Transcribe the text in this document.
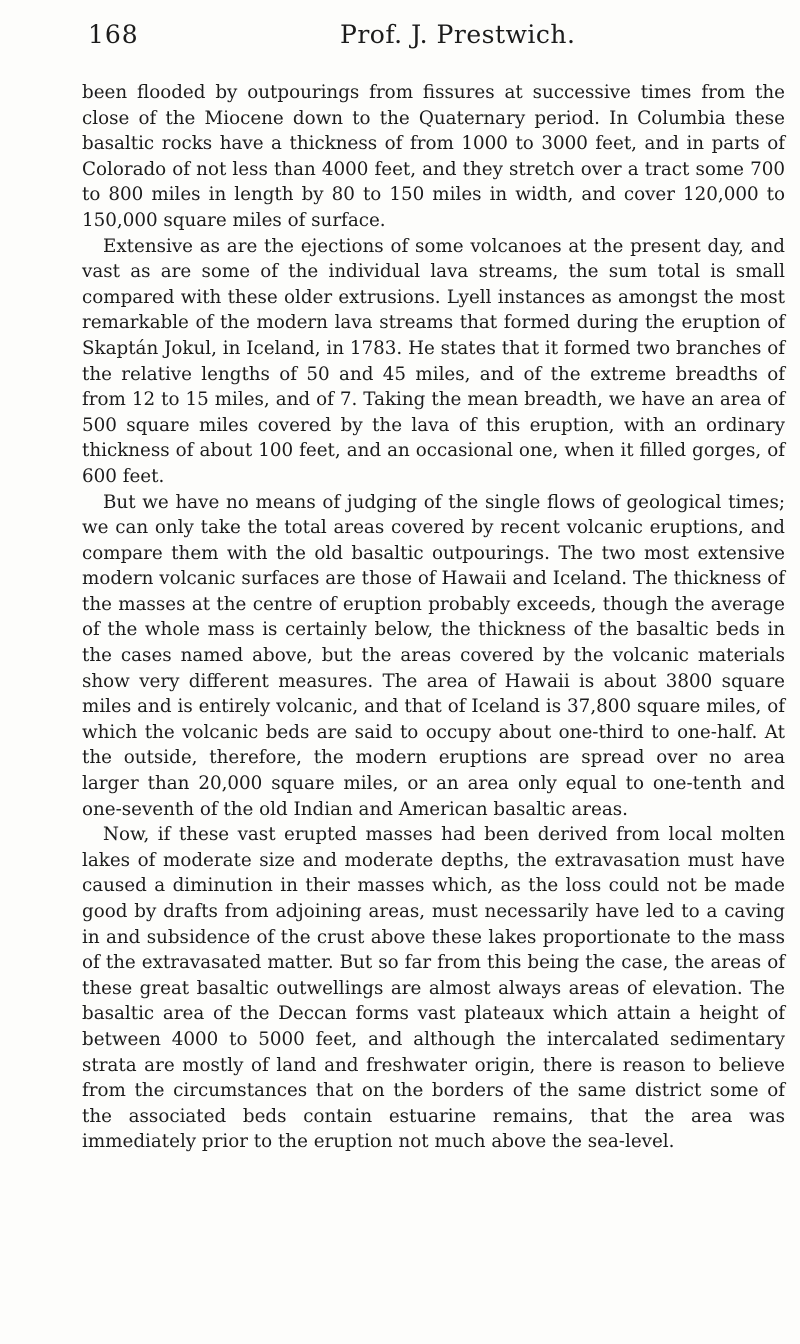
168	Prof. J. Prestwich.

been flooded by outpourings from fissures at successive times from the close of the Miocene down to the Quaternary period. In Columbia these basaltic rocks have a thickness of from 1000 to 3000 feet, and in parts of Colorado of not less than 4000 feet, and they stretch over a tract some 700 to 800 miles in length by 80 to 150 miles in width, and cover 120,000 to 150,000 square miles of surface.

Extensive as are the ejections of some volcanoes at the present day, and vast as are some of the individual lava streams, the sum total is small compared with these older extrusions. Lyell instances as amongst the most remarkable of the modern lava streams that formed during the eruption of Skaptán Jokul, in Iceland, in 1783. He states that it formed two branches of the relative lengths of 50 and 45 miles, and of the extreme breadths of from 12 to 15 miles, and of 7. Taking the mean breadth, we have an area of 500 square miles covered by the lava of this eruption, with an ordinary thickness of about 100 feet, and an occasional one, when it filled gorges, of 600 feet.

But we have no means of judging of the single flows of geological times; we can only take the total areas covered by recent volcanic eruptions, and compare them with the old basaltic outpourings. The two most extensive modern volcanic surfaces are those of Hawaii and Iceland. The thickness of the masses at the centre of eruption probably exceeds, though the average of the whole mass is certainly below, the thickness of the basaltic beds in the cases named above, but the areas covered by the volcanic materials show very different measures. The area of Hawaii is about 3800 square miles and is entirely volcanic, and that of Iceland is 37,800 square miles, of which the volcanic beds are said to occupy about one-third to one-half. At the outside, therefore, the modern eruptions are spread over no area larger than 20,000 square miles, or an area only equal to one-tenth and one-seventh of the old Indian and American basaltic areas.

Now, if these vast erupted masses had been derived from local molten lakes of moderate size and moderate depths, the extravasation must have caused a diminution in their masses which, as the loss could not be made good by drafts from adjoining areas, must necessarily have led to a caving in and subsidence of the crust above these lakes proportionate to the mass of the extravasated matter. But so far from this being the case, the areas of these great basaltic outwellings are almost always areas of elevation. The basaltic area of the Deccan forms vast plateaux which attain a height of between 4000 to 5000 feet, and although the intercalated sedimentary strata are mostly of land and freshwater origin, there is reason to believe from the circumstances that on the borders of the same district some of the associated beds contain estuarine remains, that the area was immediately prior to the eruption not much above the sea-level.
